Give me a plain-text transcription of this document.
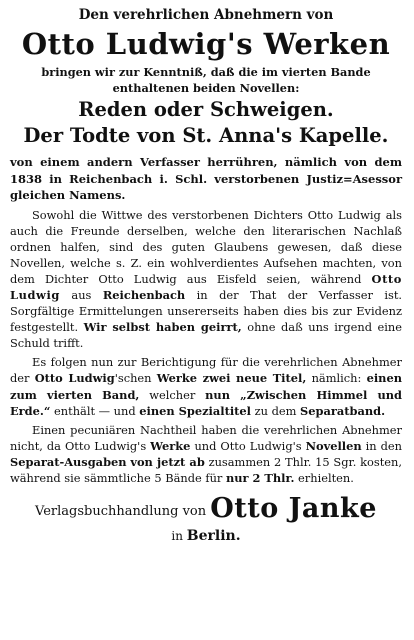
Den verehrlichen Abnehmern von
Otto Ludwig's Werken
bringen wir zur Kenntniß, daß die im vierten Bande
enthaltenen beiden Novellen:
Reden oder Schweigen.
Der Todte von St. Anna's Kapelle.
von einem andern Verfasser herrühren, nämlich von dem 1838 in Reichenbach i. Schl. verstorbenen Justiz=Asessor gleichen Namens.
Sowohl die Wittwe des verstorbenen Dichters Otto Ludwig als auch die Freunde derselben, welche den literarischen Nachlaß ordnen halfen, sind des guten Glaubens gewesen, daß diese Novellen, welche s. Z. ein wohlverdientes Aufsehen machten, von dem Dichter Otto Ludwig aus Eisfeld seien, während Otto Ludwig aus Reichenbach in der That der Verfasser ist. Sorgfältige Ermittelungen unsererseits haben dies bis zur Evidenz festgestellt. Wir selbst haben geirrt, ohne daß uns irgend eine Schuld trifft.
Es folgen nun zur Berichtigung für die verehrlichen Abnehmer der Otto Ludwig'schen Werke zwei neue Titel, nämlich: einen zum vierten Band, welcher nun „Zwischen Himmel und Erde.“ enthält — und einen Spezialtitel zu dem Separatband.
Einen pecuniären Nachtheil haben die verehrlichen Abnehmer nicht, da Otto Ludwig's Werke und Otto Ludwig's Novellen in den Separat-Ausgaben von jetzt ab zusammen 2 Thlr. 15 Sgr. kosten, während sie sämmtliche 5 Bände für nur 2 Thlr. erhielten.
Verlagsbuchhandlung von Otto Janke
in Berlin.
